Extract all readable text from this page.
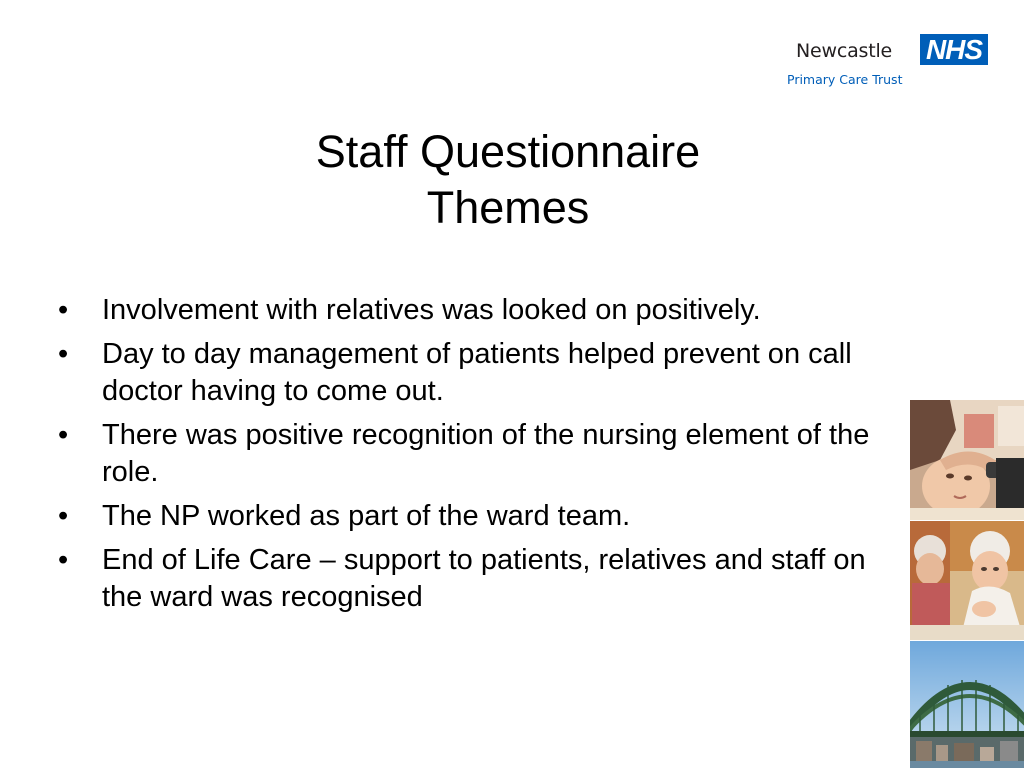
Newcastle NHS
Primary Care Trust
Staff Questionnaire
Themes
• Involvement with relatives was looked on positively.
• Day to day management of patients helped prevent on call doctor having to come out.
• There was positive recognition of the nursing element of the role.
• The NP worked as part of the ward team.
• End of Life Care – support to patients, relatives and staff on the ward was recognised
